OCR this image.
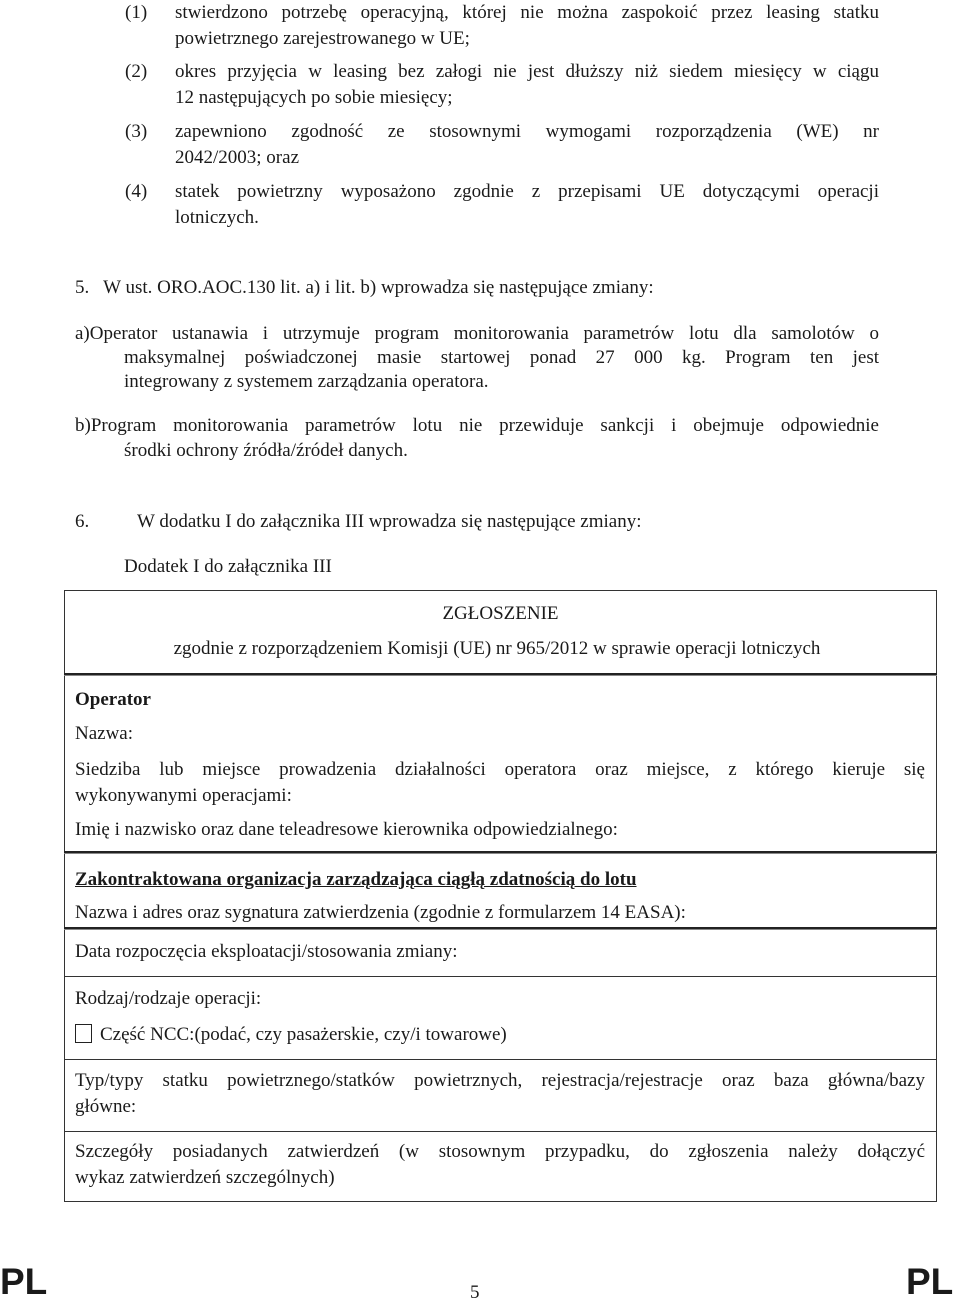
(1)	stwierdzono potrzebę operacyjną, której nie można zaspokoić przez leasing statku
powietrznego zarejestrowanego w UE;
(2)	okres przyjęcia w leasing bez załogi nie jest dłuższy niż siedem miesięcy w ciągu
12 następujących po sobie miesięcy;
(3)	zapewniono zgodność ze stosownymi wymogami rozporządzenia (WE) nr
2042/2003; oraz
(4)	statek powietrzny wyposażono zgodnie z przepisami UE dotyczącymi operacji
lotniczych.
5.   W ust. ORO.AOC.130 lit. a) i lit. b) wprowadza się następujące zmiany:
a)Operator ustanawia i utrzymuje program monitorowania parametrów lotu dla samolotów o
maksymalnej poświadczonej masie startowej ponad 27 000 kg. Program ten jest
integrowany z systemem zarządzania operatora.
b)Program monitorowania parametrów lotu nie przewiduje sankcji i obejmuje odpowiednie
środki ochrony źródła/źródeł danych.
6.	W dodatku I do załącznika III wprowadza się następujące zmiany:
Dodatek I do załącznika III
ZGŁOSZENIE
zgodnie z rozporządzeniem Komisji (UE) nr 965/2012 w sprawie operacji lotniczych
Operator
Nazwa:
Siedziba lub miejsce prowadzenia działalności operatora oraz miejsce, z którego kieruje się
wykonywanymi operacjami:
Imię i nazwisko oraz dane teleadresowe kierownika odpowiedzialnego:
Zakontraktowana organizacja zarządzająca ciągłą zdatnością do lotu
Nazwa i adres oraz sygnatura zatwierdzenia (zgodnie z formularzem 14 EASA):
Data rozpoczęcia eksploatacji/stosowania zmiany:
Rodzaj/rodzaje operacji:
Część NCC:(podać, czy pasażerskie, czy/i towarowe)
Typ/typy statku powietrznego/statków powietrznych, rejestracja/rejestracje oraz baza główna/bazy
główne:
Szczegóły posiadanych zatwierdzeń (w stosownym przypadku, do zgłoszenia należy dołączyć
wykaz zatwierdzeń szczególnych)
PL	5	PL
